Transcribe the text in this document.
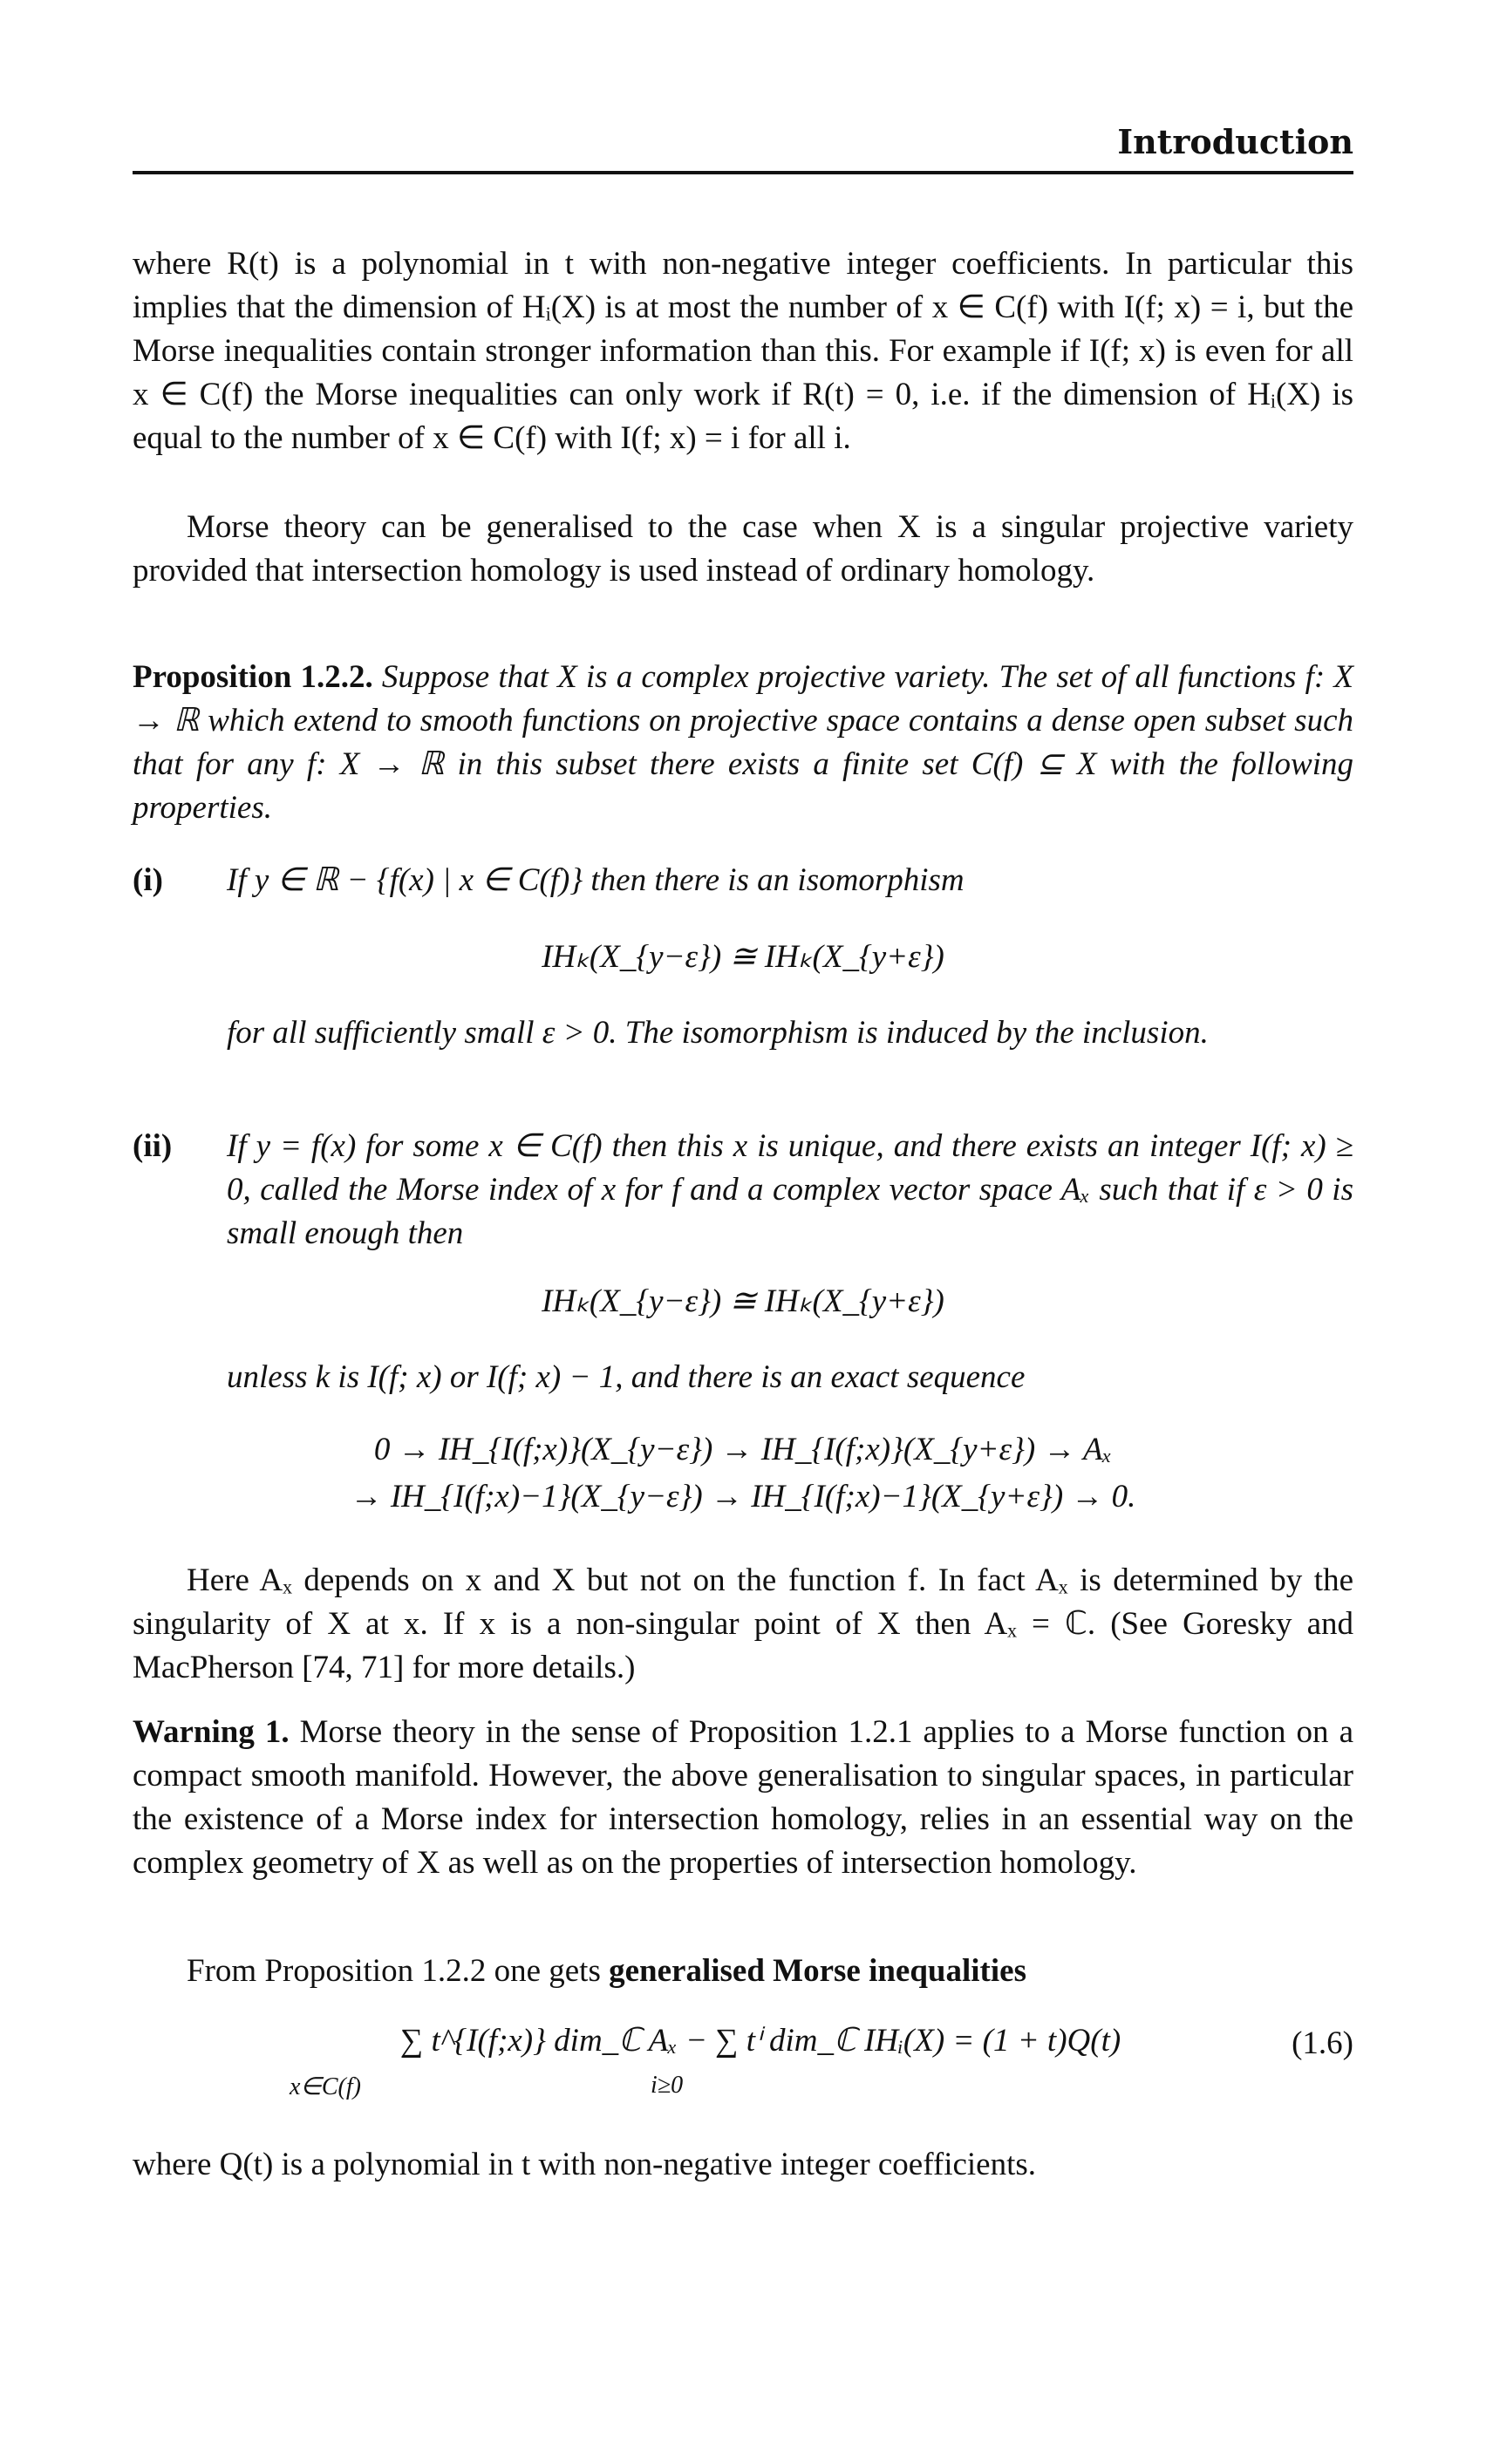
Introduction

where R(t) is a polynomial in t with non-negative integer coefficients. In particular this implies that the dimension of Hᵢ(X) is at most the number of x ∈ C(f) with I(f; x) = i, but the Morse inequalities contain stronger information than this. For example if I(f; x) is even for all x ∈ C(f) the Morse inequalities can only work if R(t) = 0, i.e. if the dimension of Hᵢ(X) is equal to the number of x ∈ C(f) with I(f; x) = i for all i.

Morse theory can be generalised to the case when X is a singular projective variety provided that intersection homology is used instead of ordinary homology.

Proposition 1.2.2. Suppose that X is a complex projective variety. The set of all functions f: X → ℝ which extend to smooth functions on projective space contains a dense open subset such that for any f: X → ℝ in this subset there exists a finite set C(f) ⊆ X with the following properties.

(i) If y ∈ ℝ − {f(x) | x ∈ C(f)} then there is an isomorphism

IHₖ(X_{y−ε}) ≅ IHₖ(X_{y+ε})

for all sufficiently small ε > 0. The isomorphism is induced by the inclusion.
(ii) If y = f(x) for some x ∈ C(f) then this x is unique, and there exists an integer I(f; x) ≥ 0, called the Morse index of x for f and a complex vector space Aₓ such that if ε > 0 is small enough then

IHₖ(X_{y−ε}) ≅ IHₖ(X_{y+ε})

unless k is I(f; x) or I(f; x) − 1, and there is an exact sequence

0 → IH_{I(f;x)}(X_{y−ε}) → IH_{I(f;x)}(X_{y+ε}) → Aₓ

→ IH_{I(f;x)−1}(X_{y−ε}) → IH_{I(f;x)−1}(X_{y+ε}) → 0.

Here Aₓ depends on x and X but not on the function f. In fact Aₓ is determined by the singularity of X at x. If x is a non-singular point of X then Aₓ = ℂ. (See Goresky and MacPherson [74, 71] for more details.)

Warning 1. Morse theory in the sense of Proposition 1.2.1 applies to a Morse function on a compact smooth manifold. However, the above generalisation to singular spaces, in particular the existence of a Morse index for intersection homology, relies in an essential way on the complex geometry of X as well as on the properties of intersection homology.

From Proposition 1.2.2 one gets generalised Morse inequalities

∑ t^{I(f;x)} dim_ℂ Aₓ − ∑ tⁱ dim_ℂ IHᵢ(X) = (1 + t)Q(t)
x∈C(f)	i≥0
(1.6)

where Q(t) is a polynomial in t with non-negative integer coefficients.
